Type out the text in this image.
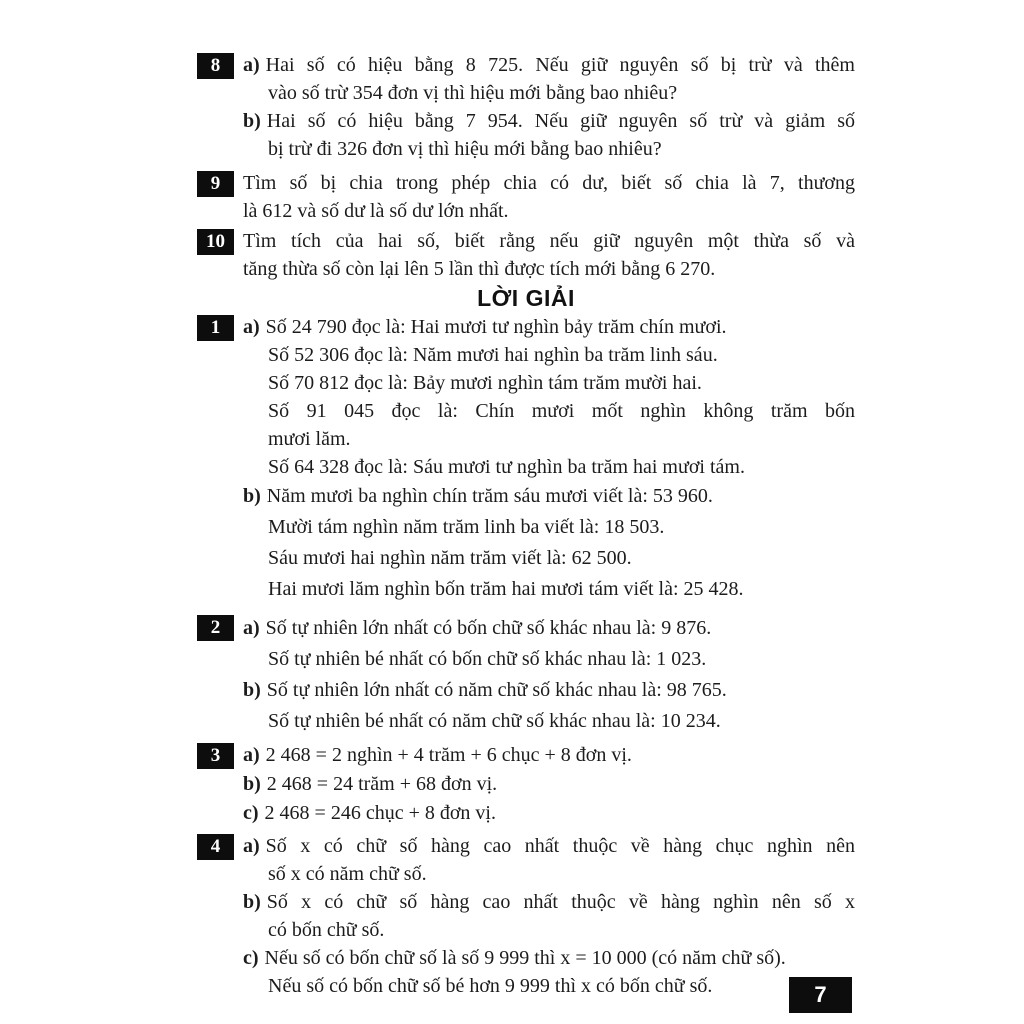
8	a) Hai số có hiệu bằng 8 725. Nếu giữ nguyên số bị trừ và thêm
vào số trừ 354 đơn vị thì hiệu mới bằng bao nhiêu?
b) Hai số có hiệu bằng 7 954. Nếu giữ nguyên số trừ và giảm số
bị trừ đi 326 đơn vị thì hiệu mới bằng bao nhiêu?
9	Tìm số bị chia trong phép chia có dư, biết số chia là 7, thương
là 612 và số dư là số dư lớn nhất.
10 Tìm tích của hai số, biết rằng nếu giữ nguyên một thừa số và
tăng thừa số còn lại lên 5 lần thì được tích mới bằng 6 270.
LỜI GIẢI
1	a) Số 24 790 đọc là: Hai mươi tư nghìn bảy trăm chín mươi.
Số 52 306 đọc là: Năm mươi hai nghìn ba trăm linh sáu.
Số 70 812 đọc là: Bảy mươi nghìn tám trăm mười hai.
Số 91 045 đọc là: Chín mươi mốt nghìn không trăm bốn
mươi lăm.
Số 64 328 đọc là: Sáu mươi tư nghìn ba trăm hai mươi tám.
b) Năm mươi ba nghìn chín trăm sáu mươi viết là: 53 960.
Mười tám nghìn năm trăm linh ba viết là: 18 503.
Sáu mươi hai nghìn năm trăm viết là: 62 500.
Hai mươi lăm nghìn bốn trăm hai mươi tám viết là: 25 428.
2	a) Số tự nhiên lớn nhất có bốn chữ số khác nhau là: 9 876.
Số tự nhiên bé nhất có bốn chữ số khác nhau là: 1 023.
b) Số tự nhiên lớn nhất có năm chữ số khác nhau là: 98 765.
Số tự nhiên bé nhất có năm chữ số khác nhau là: 10 234.
3	a) 2 468 = 2 nghìn + 4 trăm + 6 chục + 8 đơn vị.
b) 2 468 = 24 trăm + 68 đơn vị.
c) 2 468 = 246 chục + 8 đơn vị.
4	a) Số x có chữ số hàng cao nhất thuộc về hàng chục nghìn nên
số x có năm chữ số.
b) Số x có chữ số hàng cao nhất thuộc về hàng nghìn nên số x
có bốn chữ số.
c) Nếu số có bốn chữ số là số 9 999 thì x = 10 000 (có năm chữ số).
Nếu số có bốn chữ số bé hơn 9 999 thì x có bốn chữ số.	7
